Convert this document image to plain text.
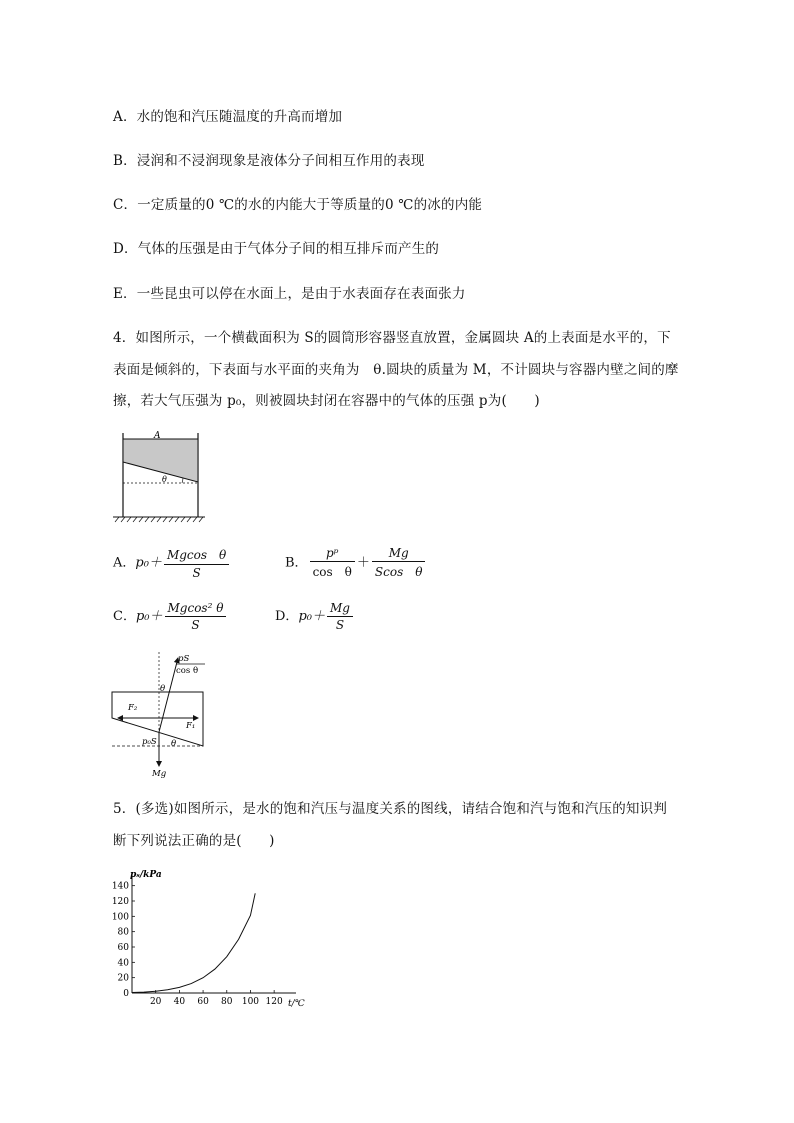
A．水的饱和汽压随温度的升高而增加
B．浸润和不浸润现象是液体分子间相互作用的表现
C．一定质量的0 ℃的水的内能大于等质量的0 ℃的冰的内能
D．气体的压强是由于气体分子间的相互排斥而产生的
E．一些昆虫可以停在水面上，是由于水表面存在表面张力
4．如图所示，一个横截面积为 S的圆筒形容器竖直放置，金属圆块 A的上表面是水平的，下
表面是倾斜的，下表面与水平面的夹角为　θ.圆块的质量为 M，不计圆块与容器内壁之间的摩
擦，若大气压强为 p₀，则被圆块封闭在容器中的气体的压强 p为(　　)
A
θ
A．$p_0+ \frac{\text{Mgcos　θ}}{S}$	B． $\frac{\text{pᵖ}}{\text{cos　θ}} + \frac{Mg}{\text{Scos　θ}}$
C．$p_0+ \frac{\text{Mgcos² θ}}{S}$	D．$p_0+ \frac{Mg}{S}$
pS
cos θ
θ
F₂
F₁
p₀S θ
Mg
5．(多选)如图所示，是水的饱和汽压与温度关系的图线，请结合饱和汽与饱和汽压的知识判
断下列说法正确的是(　　)
0
20
40
60
80
100
120
140
20 40 60 80 100 120
pₛ/kPa
t/℃
